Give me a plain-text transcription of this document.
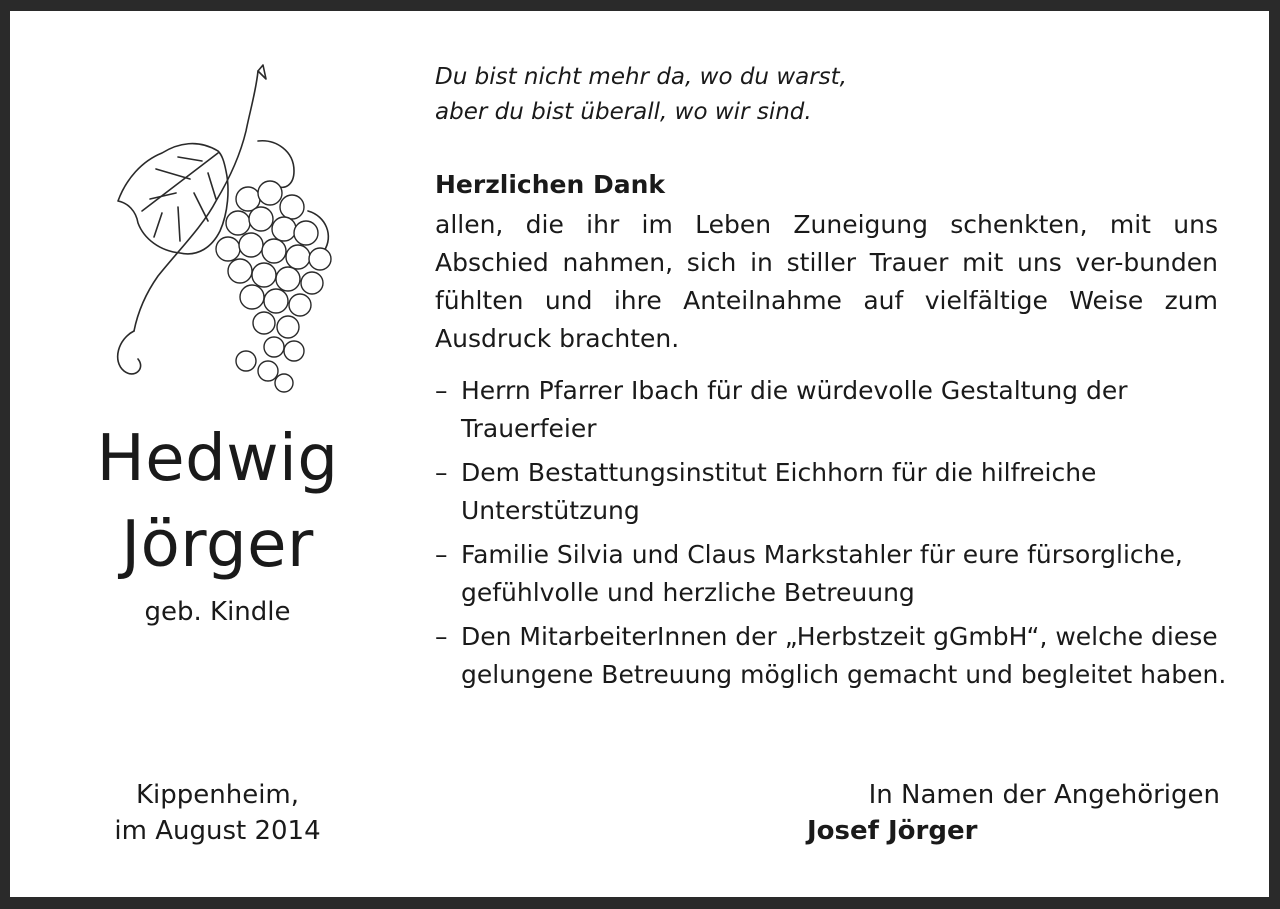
Hedwig
Jörger
geb. Kindle
Du bist nicht mehr da, wo du warst,
aber du bist überall, wo wir sind.
Herzlichen Dank
allen, die ihr im Leben Zuneigung schenkten, mit uns Abschied nahmen, sich in stiller Trauer mit uns ver-bunden fühlten und ihre Anteilnahme auf vielfältige Weise zum Ausdruck brachten.
– Herrn Pfarrer Ibach für die würdevolle Gestaltung der Trauerfeier
– Dem Bestattungsinstitut Eichhorn für die hilfreiche Unterstützung
– Familie Silvia und Claus Markstahler für eure fürsorgliche, gefühlvolle und herzliche Betreuung
– Den MitarbeiterInnen der „Herbstzeit gGmbH“, welche diese gelungene Betreuung möglich gemacht und begleitet haben.
Kippenheim,
im August 2014
In Namen der Angehörigen
Josef Jörger
